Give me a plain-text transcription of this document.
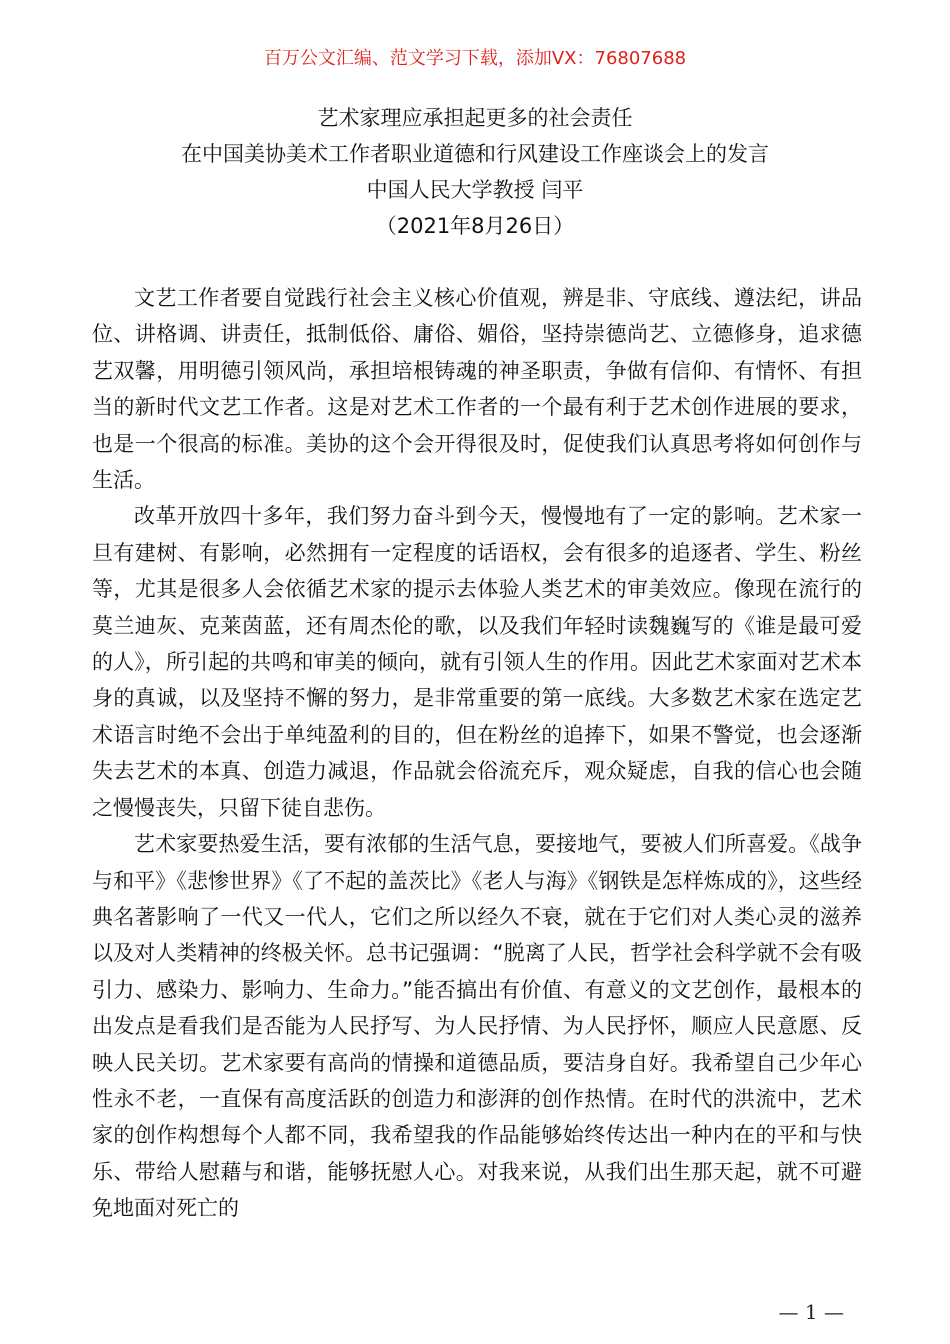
百万公文汇编、范文学习下载，添加VX：76807688
艺术家理应承担起更多的社会责任
在中国美协美术工作者职业道德和行风建设工作座谈会上的发言
中国人民大学教授 闫平
（2021年8月26日）

文艺工作者要自觉践行社会主义核心价值观，辨是非、守底线、遵法纪，讲品位、讲格调、讲责任，抵制低俗、庸俗、媚俗，坚持崇德尚艺、立德修身，追求德艺双馨，用明德引领风尚，承担培根铸魂的神圣职责，争做有信仰、有情怀、有担当的新时代文艺工作者。这是对艺术工作者的一个最有利于艺术创作进展的要求，也是一个很高的标准。美协的这个会开得很及时，促使我们认真思考将如何创作与生活。

改革开放四十多年，我们努力奋斗到今天，慢慢地有了一定的影响。艺术家一旦有建树、有影响，必然拥有一定程度的话语权，会有很多的追逐者、学生、粉丝等，尤其是很多人会依循艺术家的提示去体验人类艺术的审美效应。像现在流行的莫兰迪灰、克莱茵蓝，还有周杰伦的歌，以及我们年轻时读魏巍写的《谁是最可爱的人》，所引起的共鸣和审美的倾向，就有引领人生的作用。因此艺术家面对艺术本身的真诚，以及坚持不懈的努力，是非常重要的第一底线。大多数艺术家在选定艺术语言时绝不会出于单纯盈利的目的，但在粉丝的追捧下，如果不警觉，也会逐渐失去艺术的本真、创造力减退，作品就会俗流充斥，观众疑虑，自我的信心也会随之慢慢丧失，只留下徒自悲伤。

艺术家要热爱生活，要有浓郁的生活气息，要接地气，要被人们所喜爱。《战争与和平》《悲惨世界》《了不起的盖茨比》《老人与海》《钢铁是怎样炼成的》，这些经典名著影响了一代又一代人，它们之所以经久不衰，就在于它们对人类心灵的滋养以及对人类精神的终极关怀。总书记强调：“脱离了人民，哲学社会科学就不会有吸引力、感染力、影响力、生命力。”能否搞出有价值、有意义的文艺创作，最根本的出发点是看我们是否能为人民抒写、为人民抒情、为人民抒怀，顺应人民意愿、反映人民关切。艺术家要有高尚的情操和道德品质，要洁身自好。我希望自己少年心性永不老，一直保有高度活跃的创造力和澎湃的创作热情。在时代的洪流中，艺术家的创作构想每个人都不同，我希望我的作品能够始终传达出一种内在的平和与快乐、带给人慰藉与和谐，能够抚慰人心。对我来说，从我们出生那天起，就不可避免地面对死亡的

— 1 —
